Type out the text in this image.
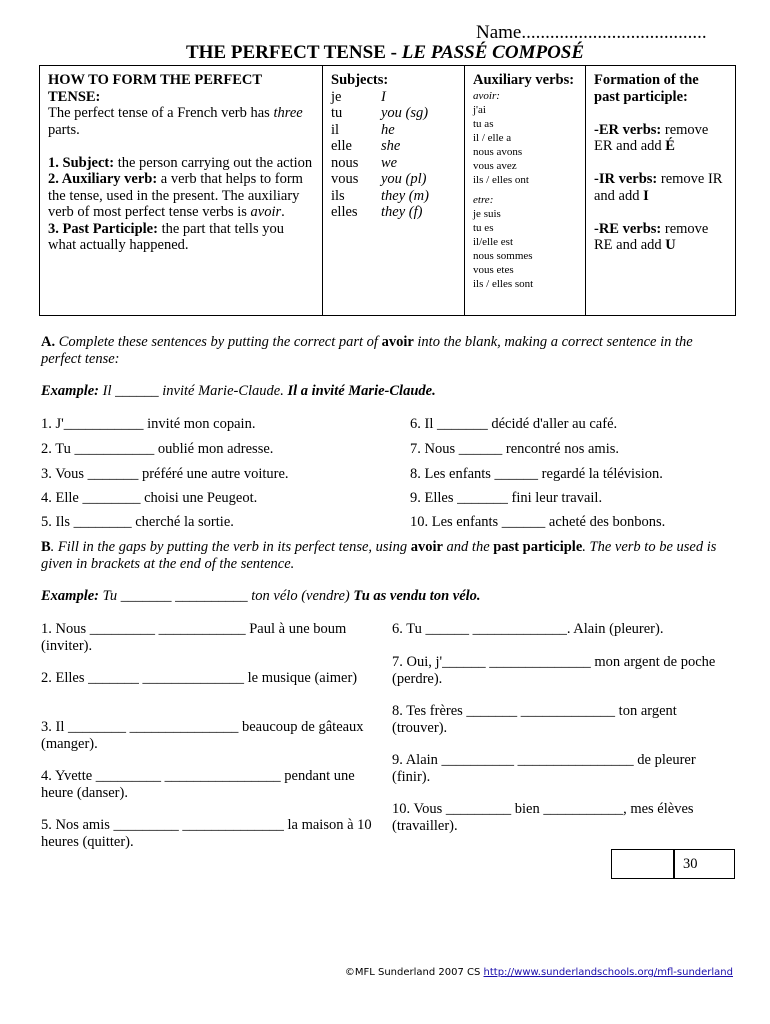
Name.......................................
THE PERFECT TENSE - LE PASSÉ COMPOSÉ
HOW TO FORM THE PERFECT TENSE:
The perfect tense of a French verb has three parts.

1. Subject: the person carrying out the action
2. Auxiliary verb: a verb that helps to form the tense, used in the present. The auxiliary verb of most perfect tense verbs is avoir.
3. Past Participle: the part that tells you what actually happened.	Subjects:
je	I
tu	you (sg)
il	he
elle	she
nous	we
vous	you (pl)
ils	they (m)
elles	they (f)
	Auxiliary verbs:
avoir:
j'ai
tu as
il / elle a
nous avons
vous avez
ils / elles ont
etre:
je suis
tu es
il/elle est
nous sommes
vous etes
ils / elles sont
	Formation of the past participle:

-ER verbs: remove ER and add É

-IR verbs: remove IR and add I

-RE verbs: remove RE and add U
A. Complete these sentences by putting the correct part of avoir into the blank, making a correct sentence in the perfect tense:
Example: Il ______ invité Marie-Claude. Il a invité Marie-Claude.
1. J'___________ invité mon copain.
2. Tu ___________ oublié mon adresse.
3. Vous _______ préféré une autre voiture.
4. Elle ________ choisi une Peugeot.
5. Ils ________ cherché la sortie.
6. Il _______ décidé d'aller au café.
7. Nous ______ rencontré nos amis.
8. Les enfants ______ regardé la télévision.
9. Elles _______ fini leur travail.
10. Les enfants ______ acheté des bonbons.
B. Fill in the gaps by putting the verb in its perfect tense, using avoir and the past participle. The verb to be used is given in brackets at the end of the sentence.
Example: Tu _______ __________ ton vélo (vendre) Tu as vendu ton vélo.
1. Nous _________ ____________ Paul à une boum (inviter).
2. Elles _______ ______________ le musique (aimer)
3. Il ________ _______________ beaucoup de gâteaux (manger).
4. Yvette _________ ________________ pendant une heure (danser).
5. Nos amis _________ ______________ la maison à 10 heures (quitter).
6. Tu ______ _____________. Alain (pleurer).
7. Oui, j'______ ______________ mon argent de poche (perdre).
8. Tes frères _______ _____________ ton argent (trouver).
9. Alain __________ ________________ de pleurer (finir).
10. Vous _________ bien ___________, mes élèves (travailler).
30
©MFL Sunderland 2007 CS http://www.sunderlandschools.org/mfl-sunderland
